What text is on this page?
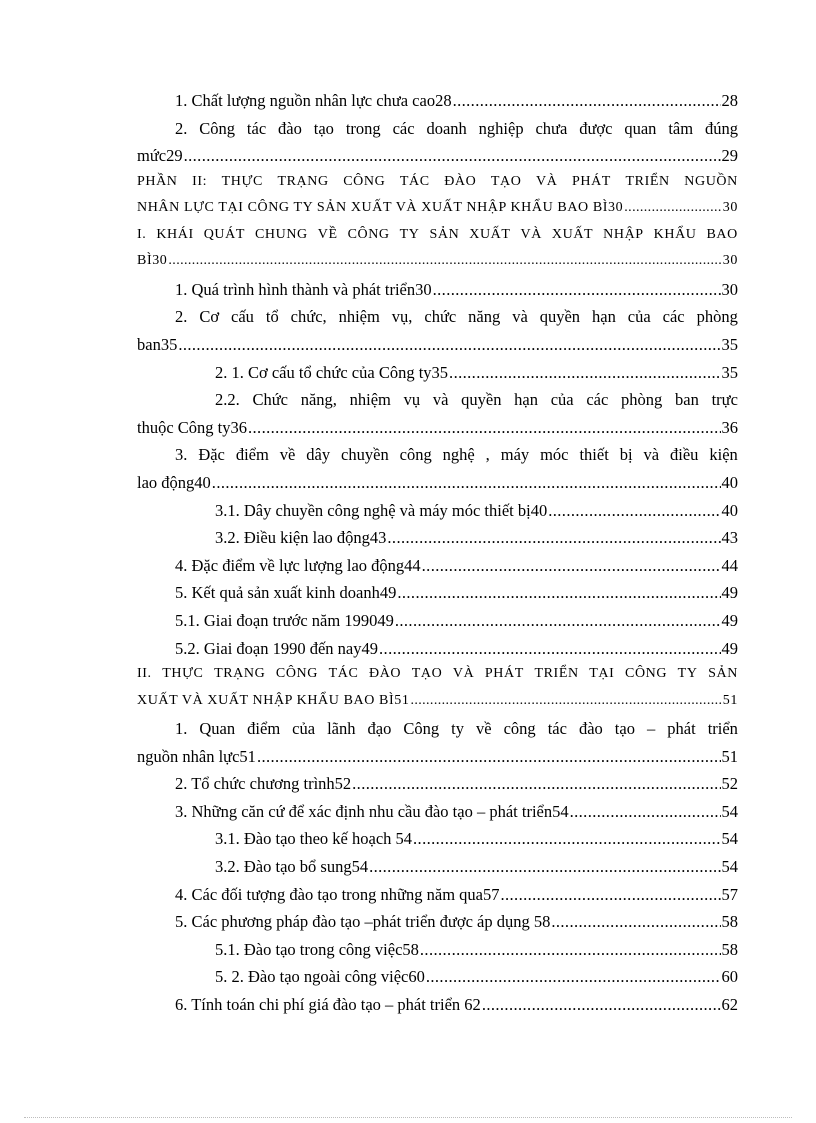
1. Chất lượng nguồn nhân lực chưa cao28 .....	28
2. Công tác đào tạo trong các doanh nghiệp chưa được quan tâm đúng
mức29 .....	29
PHẦN II: THỰC TRẠNG CÔNG TÁC ĐÀO TẠO VÀ PHÁT TRIỂN NGUỒN
NHÂN LỰC TẠI CÔNG TY SẢN XUẤT VÀ XUẤT NHẬP KHẨU BAO BÌ30 .....	30
I. KHÁI QUÁT CHUNG VỀ CÔNG TY SẢN XUẤT VÀ XUẤT NHẬP KHẨU BAO
BÌ30 .....	30
1. Quá trình hình thành và phát triển30 .....	30
2. Cơ cấu tổ chức, nhiệm vụ, chức năng và quyền hạn của các phòng
ban35 .....	35
2. 1. Cơ cấu tổ chức của Công ty35 .....	35
2.2. Chức năng, nhiệm vụ và quyền hạn của các phòng ban trực
thuộc Công ty36 .....	36
3. Đặc điểm về dây chuyền công nghệ , máy móc thiết bị và điều kiện
lao động40 .....	40
3.1. Dây chuyền công nghệ và máy móc thiết bị40 .....	40
3.2. Điều kiện lao động43 .....	43
4. Đặc điểm về lực lượng lao động44 .....	44
5. Kết quả sản xuất kinh doanh49 .....	49
5.1. Giai đoạn trước năm 199049 .....	49
5.2. Giai đoạn 1990 đến nay49 .....	49
II. THỰC TRẠNG CÔNG TÁC ĐÀO TẠO VÀ PHÁT TRIỂN TẠI CÔNG TY SẢN
XUẤT VÀ XUẤT NHẬP KHẨU BAO BÌ51 .....	51
1. Quan điểm của lãnh đạo Công ty về công tác đào tạo – phát triển
nguồn nhân lực51 .....	51
2. Tổ chức chương trình52 .....	52
3. Những căn cứ để xác định nhu cầu đào tạo – phát triển54 .....	54
3.1. Đào tạo theo kế hoạch 54 .....	54
3.2. Đào tạo bổ sung54 .....	54
4. Các đối tượng đào tạo trong những năm qua57 .....	57
5. Các phương pháp đào tạo –phát triển được áp dụng 58 .....	58
5.1. Đào tạo trong công việc58 .....	58
5. 2. Đào tạo ngoài công việc60 .....	60
6. Tính toán chi phí giá đào tạo – phát triển 62 .....	62
